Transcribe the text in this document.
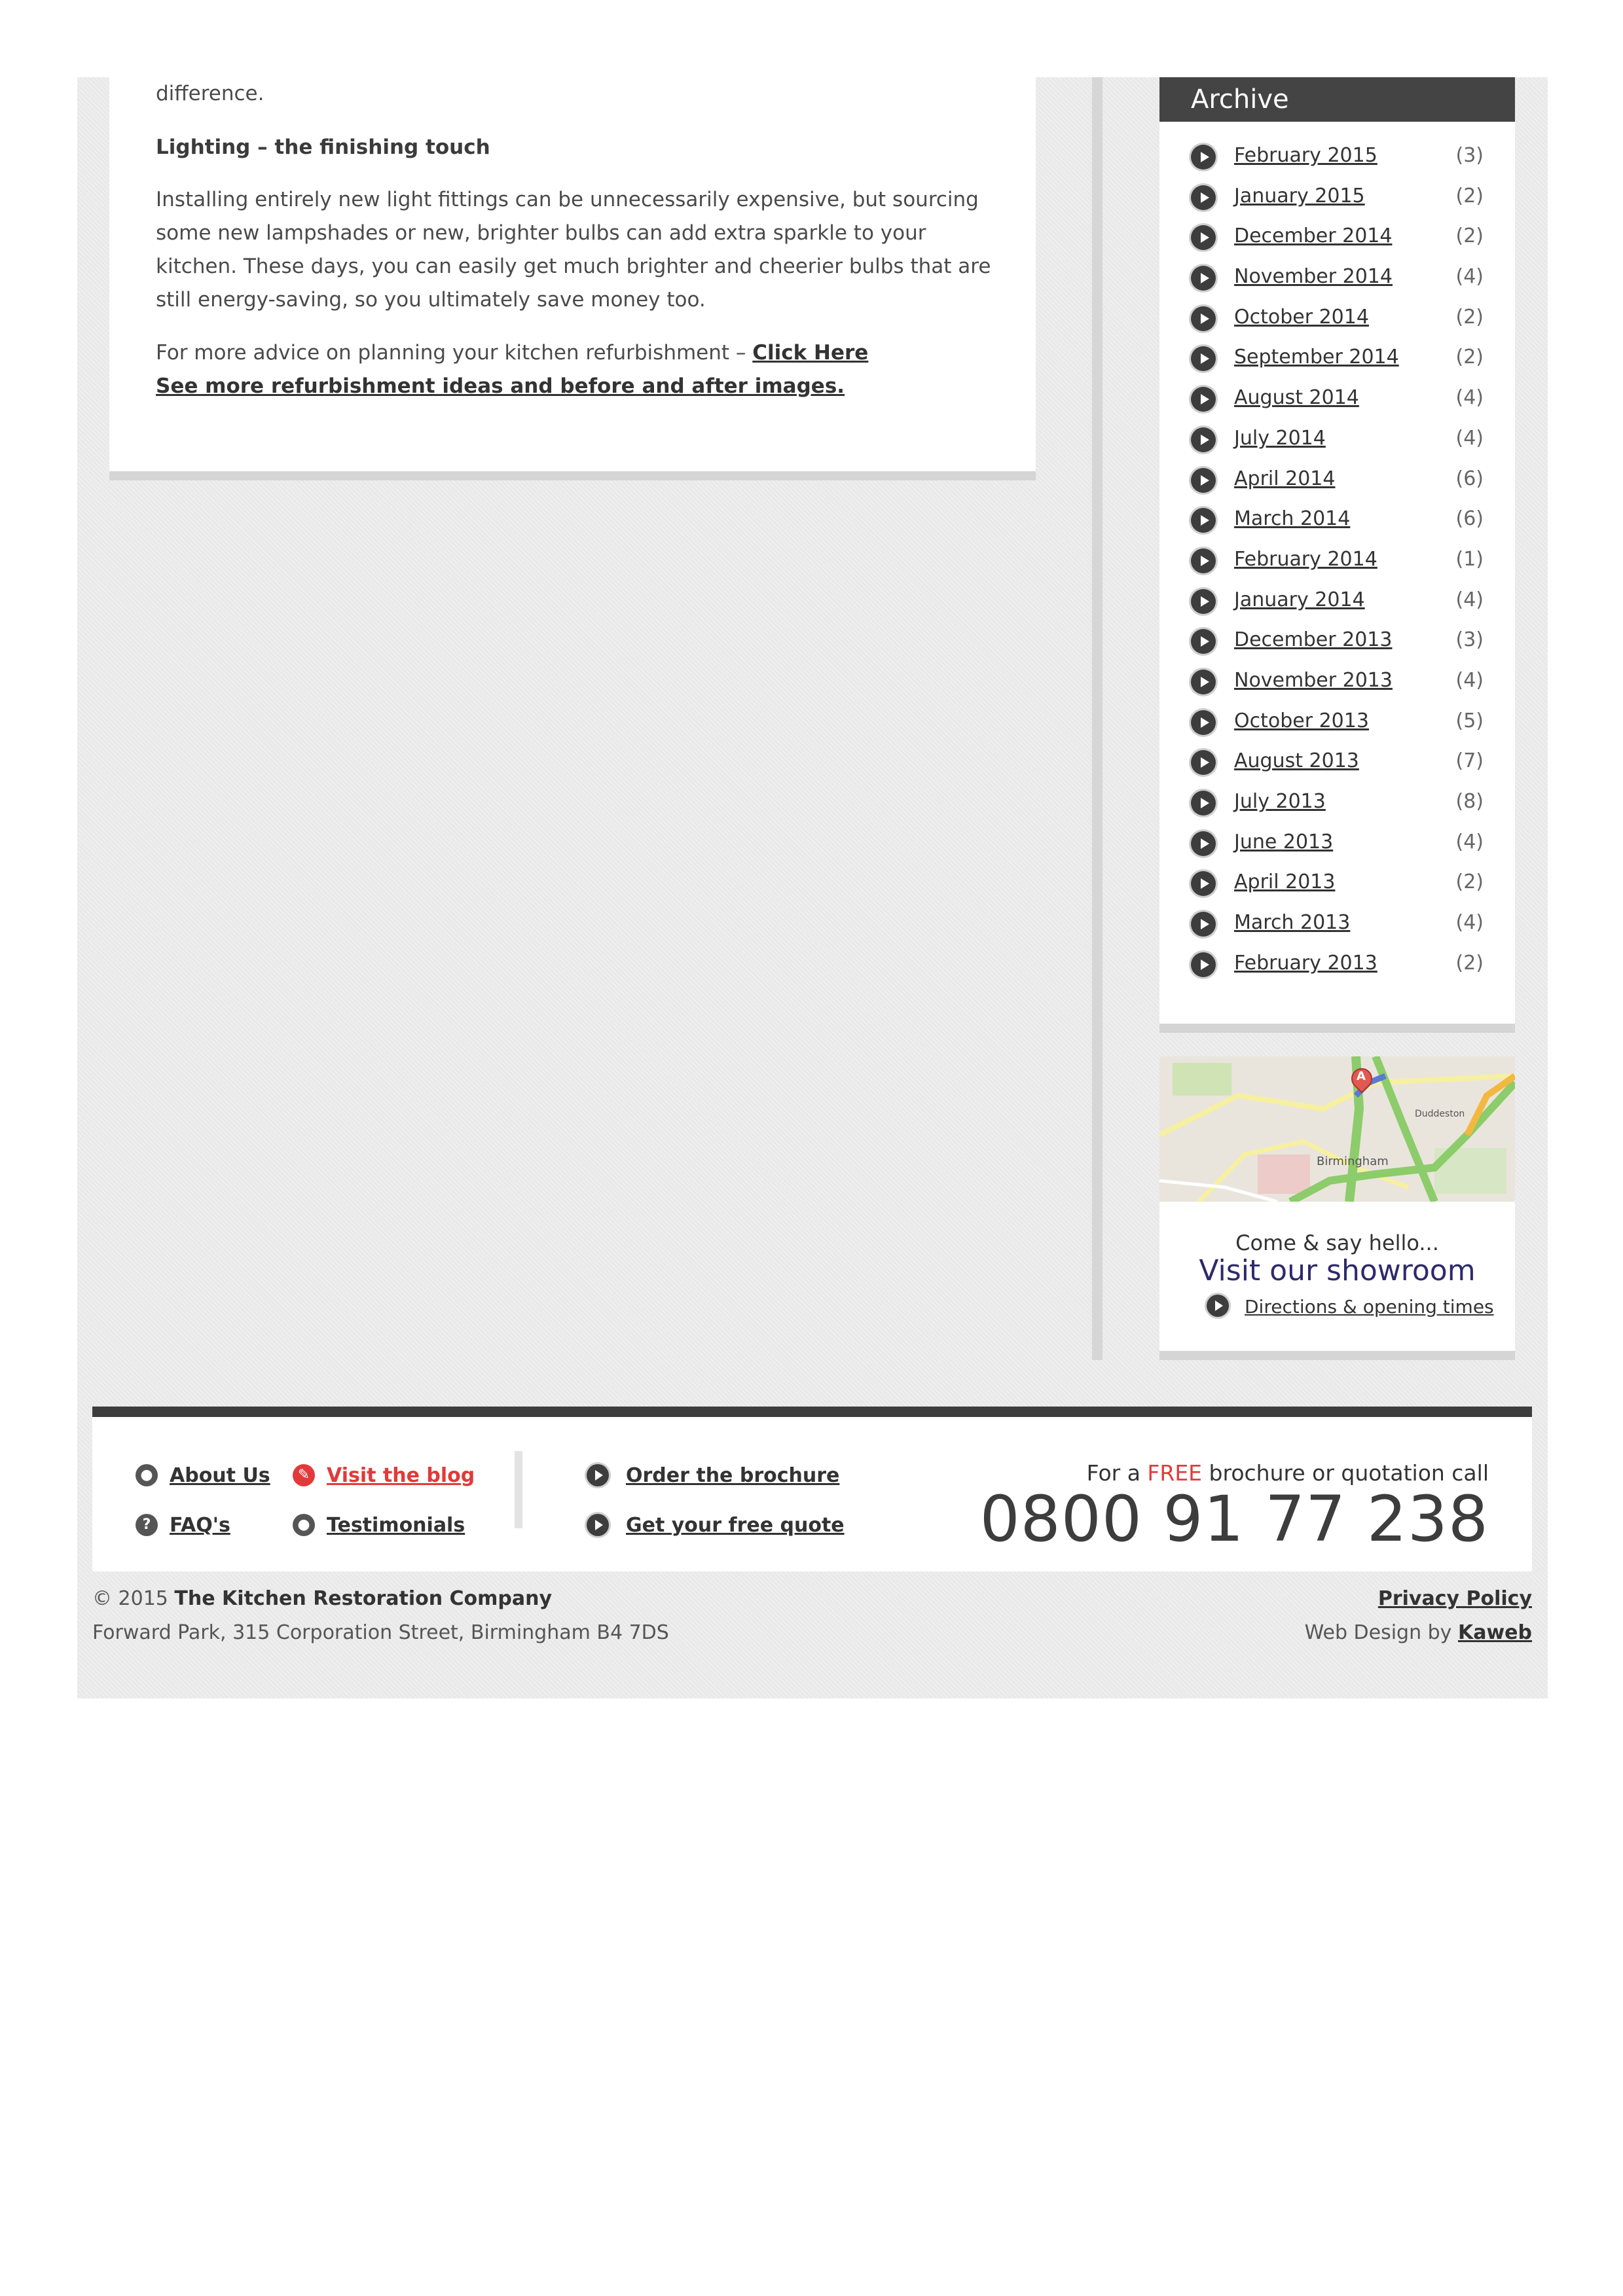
difference.

Lighting – the finishing touch

Installing entirely new light fittings can be unnecessarily expensive, but sourcing some new lampshades or new, brighter bulbs can add extra sparkle to your kitchen. These days, you can easily get much brighter and cheerier bulbs that are still energy-saving, so you ultimately save money too.

For more advice on planning your kitchen refurbishment – Click Here
See more refurbishment ideas and before and after images.

Archive
February 2015	(3)
January 2015	(2)
December 2014	(2)
November 2014	(4)
October 2014	(2)
September 2014	(2)
August 2014	(4)
July 2014	(4)
April 2014	(6)
March 2014	(6)
February 2014	(1)
January 2014	(4)
December 2013	(3)
November 2013	(4)
October 2013	(5)
August 2013	(7)
July 2013	(8)
June 2013	(4)
April 2013	(2)
March 2013	(4)
February 2013	(2)
A
Birmingham
Duddeston
Come & say hello...
Visit our showroom
Directions & opening times
● About Us	✎ Visit the blog
? FAQ's	● Testimonials
Order the brochure
Get your free quote
For a FREE brochure or quotation call
0800 91 77 238
© 2015 The Kitchen Restoration Company
Forward Park, 315 Corporation Street, Birmingham B4 7DS
Privacy Policy
Web Design by Kaweb
